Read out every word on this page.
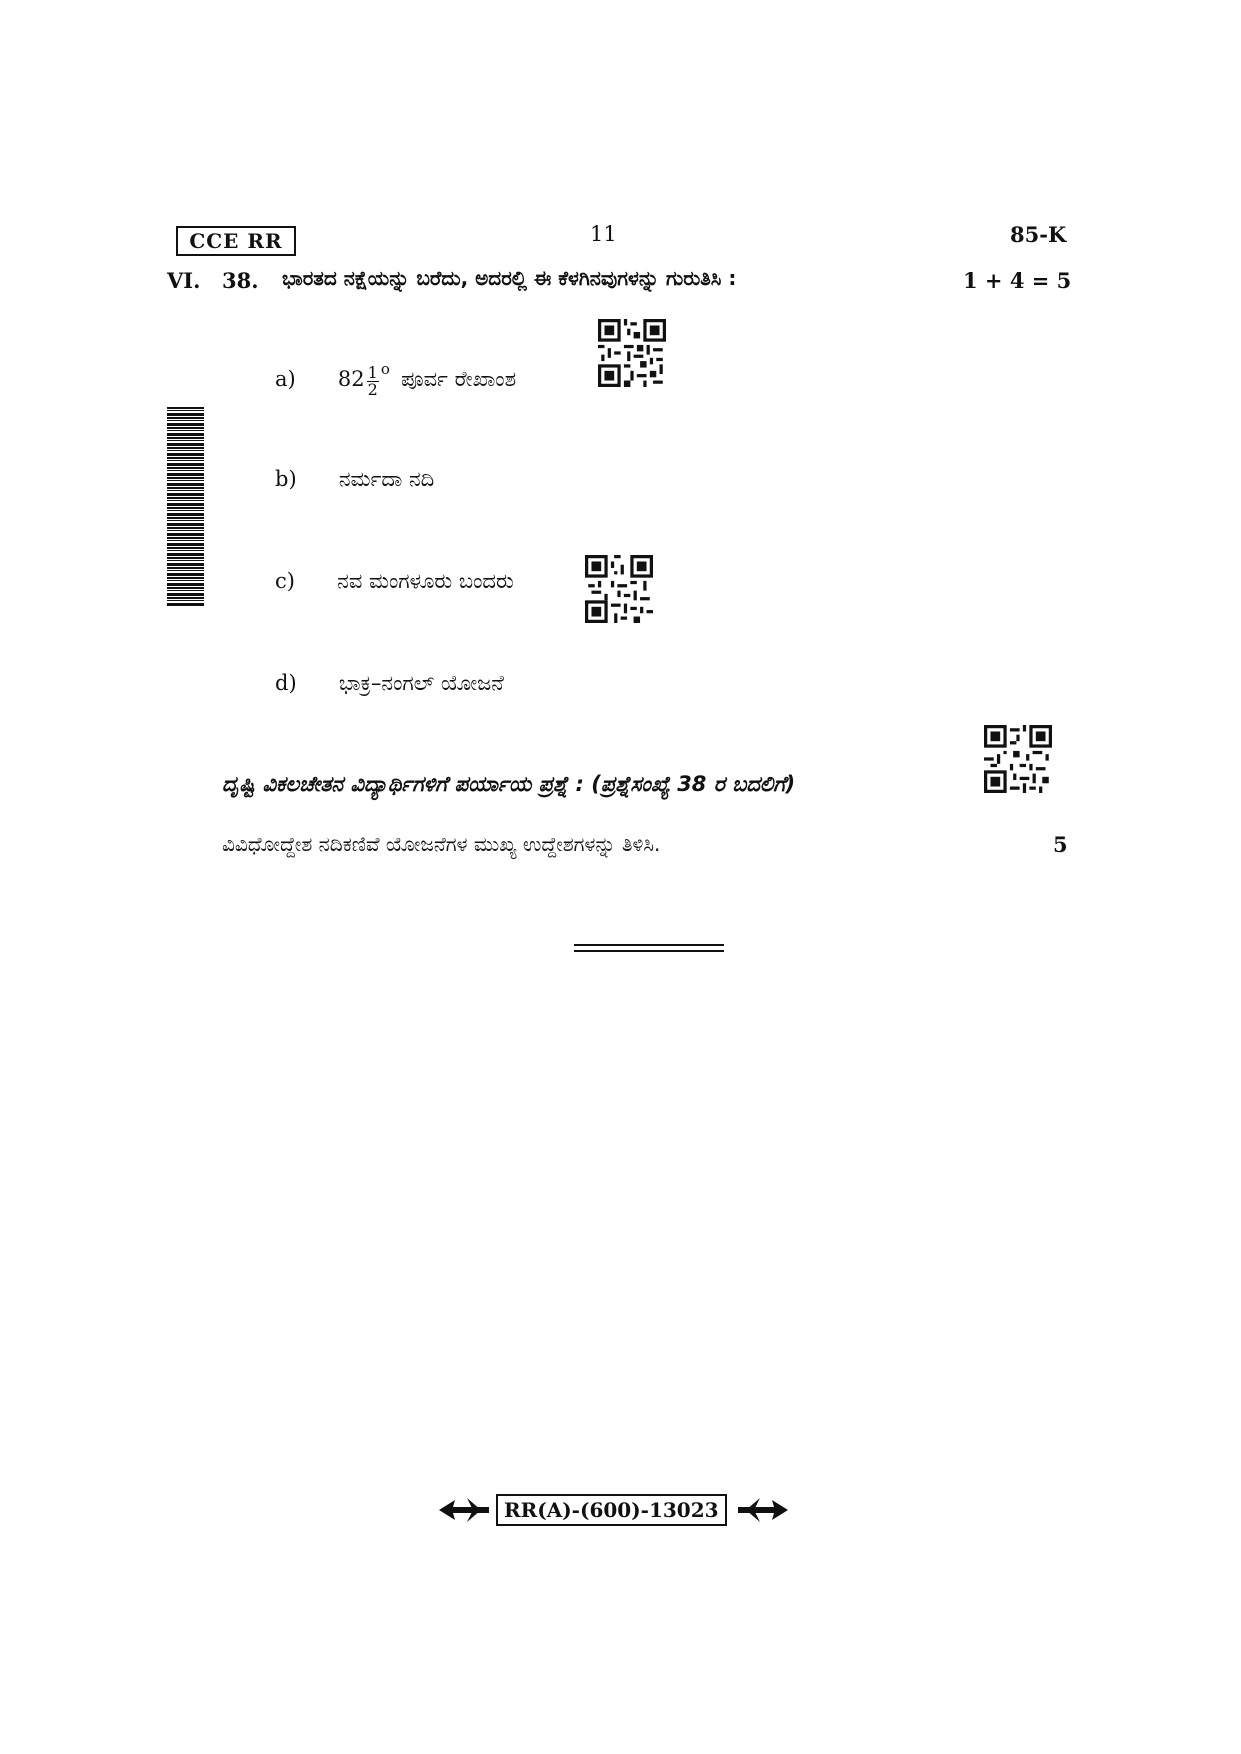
CCE RR	11	85-K
VI. 38. ಭಾರತದ ನಕ್ಷೆಯನ್ನು ಬರೆದು, ಅದರಲ್ಲಿ ಈ ಕೆಳಗಿನವುಗಳನ್ನು ಗುರುತಿಸಿ :	1 + 4 = 5
a) $82 \frac{1}{2} ^o$ ಪೂರ್ವ ರೇಖಾಂಶ
b) ನರ್ಮದಾ ನದಿ
c) ನವ ಮಂಗಳೂರು ಬಂದರು
d) ಭಾಕ್ರ–ನಂಗಲ್ ಯೋಜನೆ
ದೃಷ್ಟಿ ವಿಕಲಚೇತನ ವಿದ್ಯಾರ್ಥಿಗಳಿಗೆ ಪರ್ಯಾಯ ಪ್ರಶ್ನೆ : (ಪ್ರಶ್ನೆಸಂಖ್ಯೆ 38 ರ ಬದಲಿಗೆ)
ವಿವಿಧೋದ್ದೇಶ ನದಿಕಣಿವೆ ಯೋಜನೆಗಳ ಮುಖ್ಯ ಉದ್ದೇಶಗಳನ್ನು ತಿಳಿಸಿ.	5
RR(A)-(600)-13023
